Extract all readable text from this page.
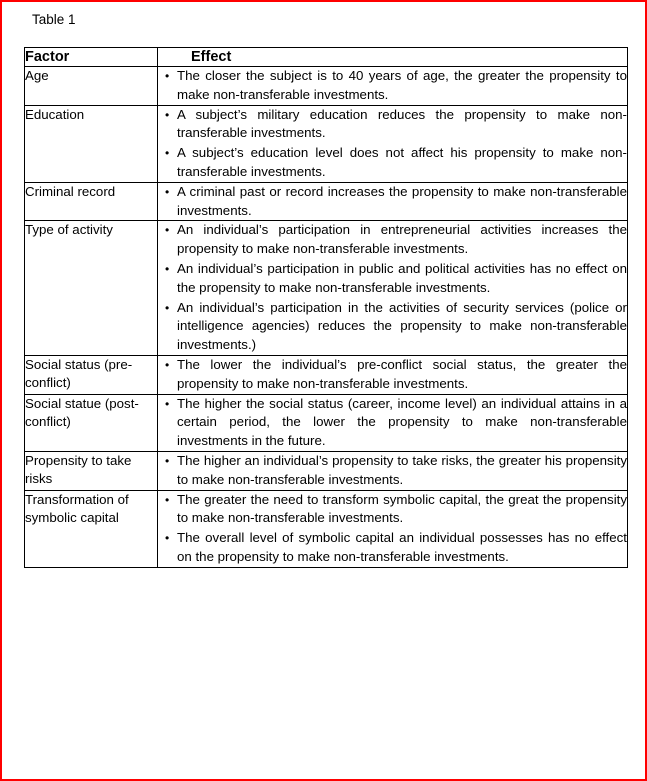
Table 1
Factor	Effect
Age	
•The closer the subject is to 40 years of age, the greater the propensity to make non-transferable investments.

Education	
•A subject’s military education reduces the propensity to make non-transferable investments.
• A subject’s education level does not affect his propensity to make non-transferable investments.

Criminal record	
•A criminal past or record increases the propensity to make non-transferable investments.

Type of activity	
•An individual’s participation in entrepreneurial activities increases the propensity to make non-transferable investments.
• An individual’s participation in public and political activities has no effect on the propensity to make non-transferable investments.
• An individual’s participation in the activities of security services (police or intelligence agencies) reduces the propensity to make non-transferable investments.)

Social status (pre-conflict)	
• The lower the individual’s pre-conflict social status, the greater the propensity to make non-transferable investments.

Social statue (post-conflict)	
• The higher the social status (career, income level) an individual attains in a certain period, the lower the propensity to make non-transferable investments in the future.

Propensity to take risks	
• The higher an individual’s propensity to take risks, the greater his propensity to make non-transferable investments.

Transformation of symbolic capital	
• The greater the need to transform symbolic capital, the great the propensity to make non-transferable investments.
• The overall level of symbolic capital an individual possesses has no effect on the propensity to make non-transferable investments.
